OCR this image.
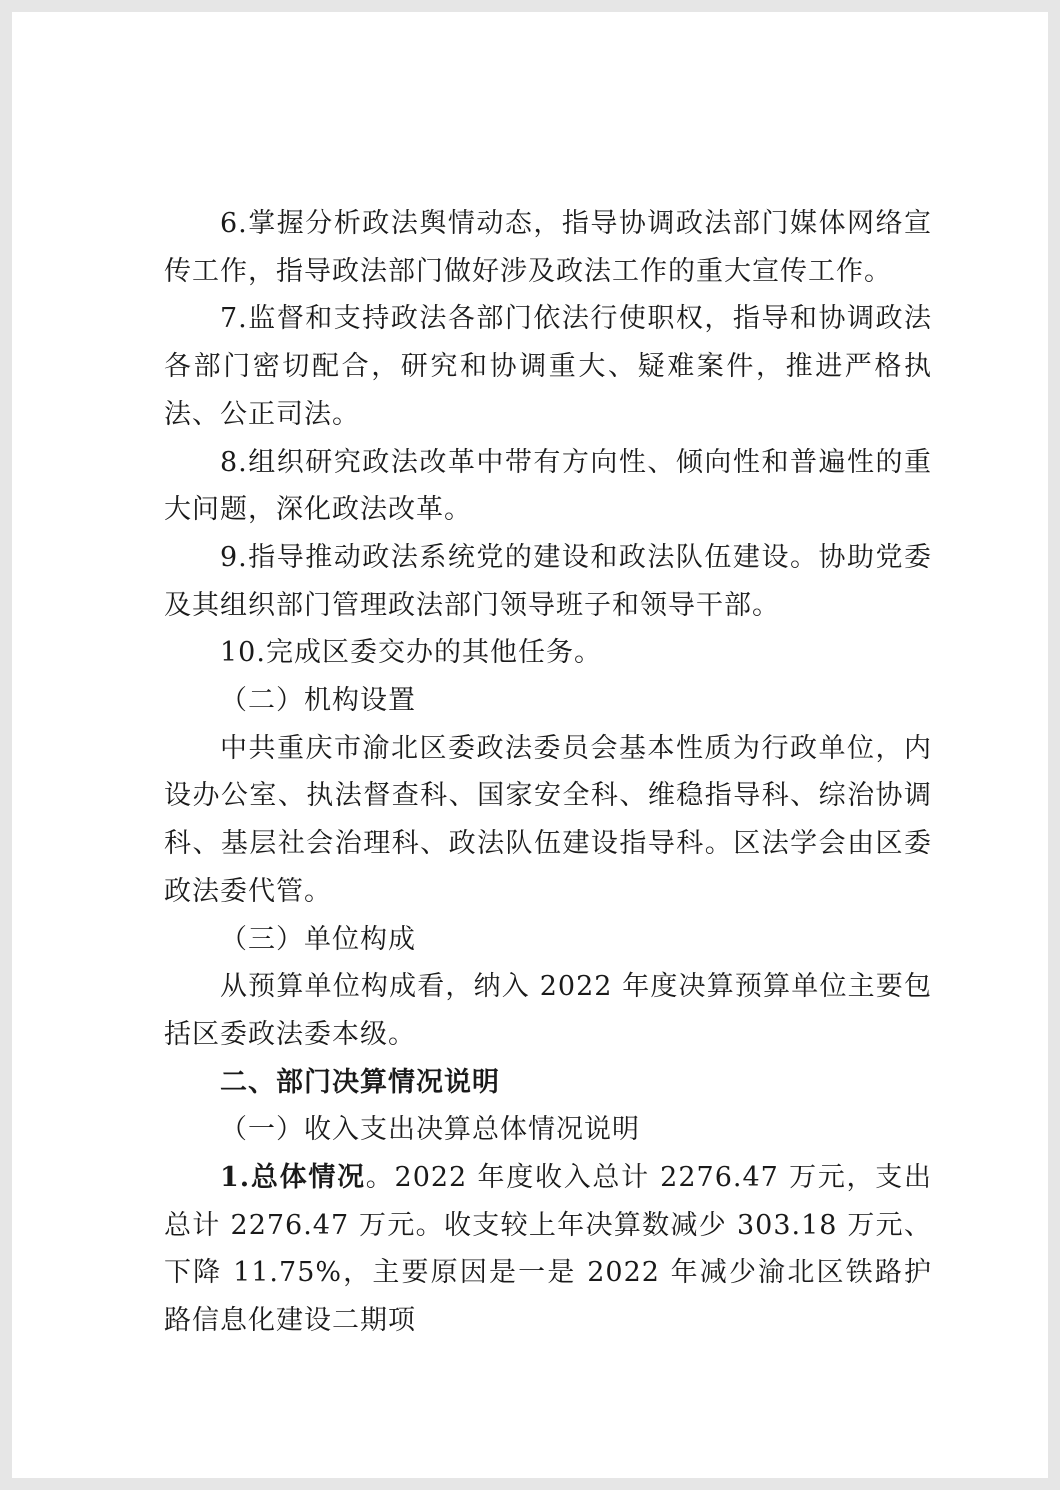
6.掌握分析政法舆情动态，指导协调政法部门媒体网络宣传工作，指导政法部门做好涉及政法工作的重大宣传工作。

7.监督和支持政法各部门依法行使职权，指导和协调政法各部门密切配合，研究和协调重大、疑难案件，推进严格执法、公正司法。

8.组织研究政法改革中带有方向性、倾向性和普遍性的重大问题，深化政法改革。

9.指导推动政法系统党的建设和政法队伍建设。协助党委及其组织部门管理政法部门领导班子和领导干部。

10.完成区委交办的其他任务。

（二）机构设置

中共重庆市渝北区委政法委员会基本性质为行政单位，内设办公室、执法督查科、国家安全科、维稳指导科、综治协调科、基层社会治理科、政法队伍建设指导科。区法学会由区委政法委代管。

（三）单位构成

从预算单位构成看，纳入 2022 年度决算预算单位主要包括区委政法委本级。

二、部门决算情况说明

（一）收入支出决算总体情况说明

1.总体情况。2022 年度收入总计 2276.47 万元，支出总计 2276.47 万元。收支较上年决算数减少 303.18 万元、下降 11.75%，主要原因是一是 2022 年减少渝北区铁路护路信息化建设二期项
